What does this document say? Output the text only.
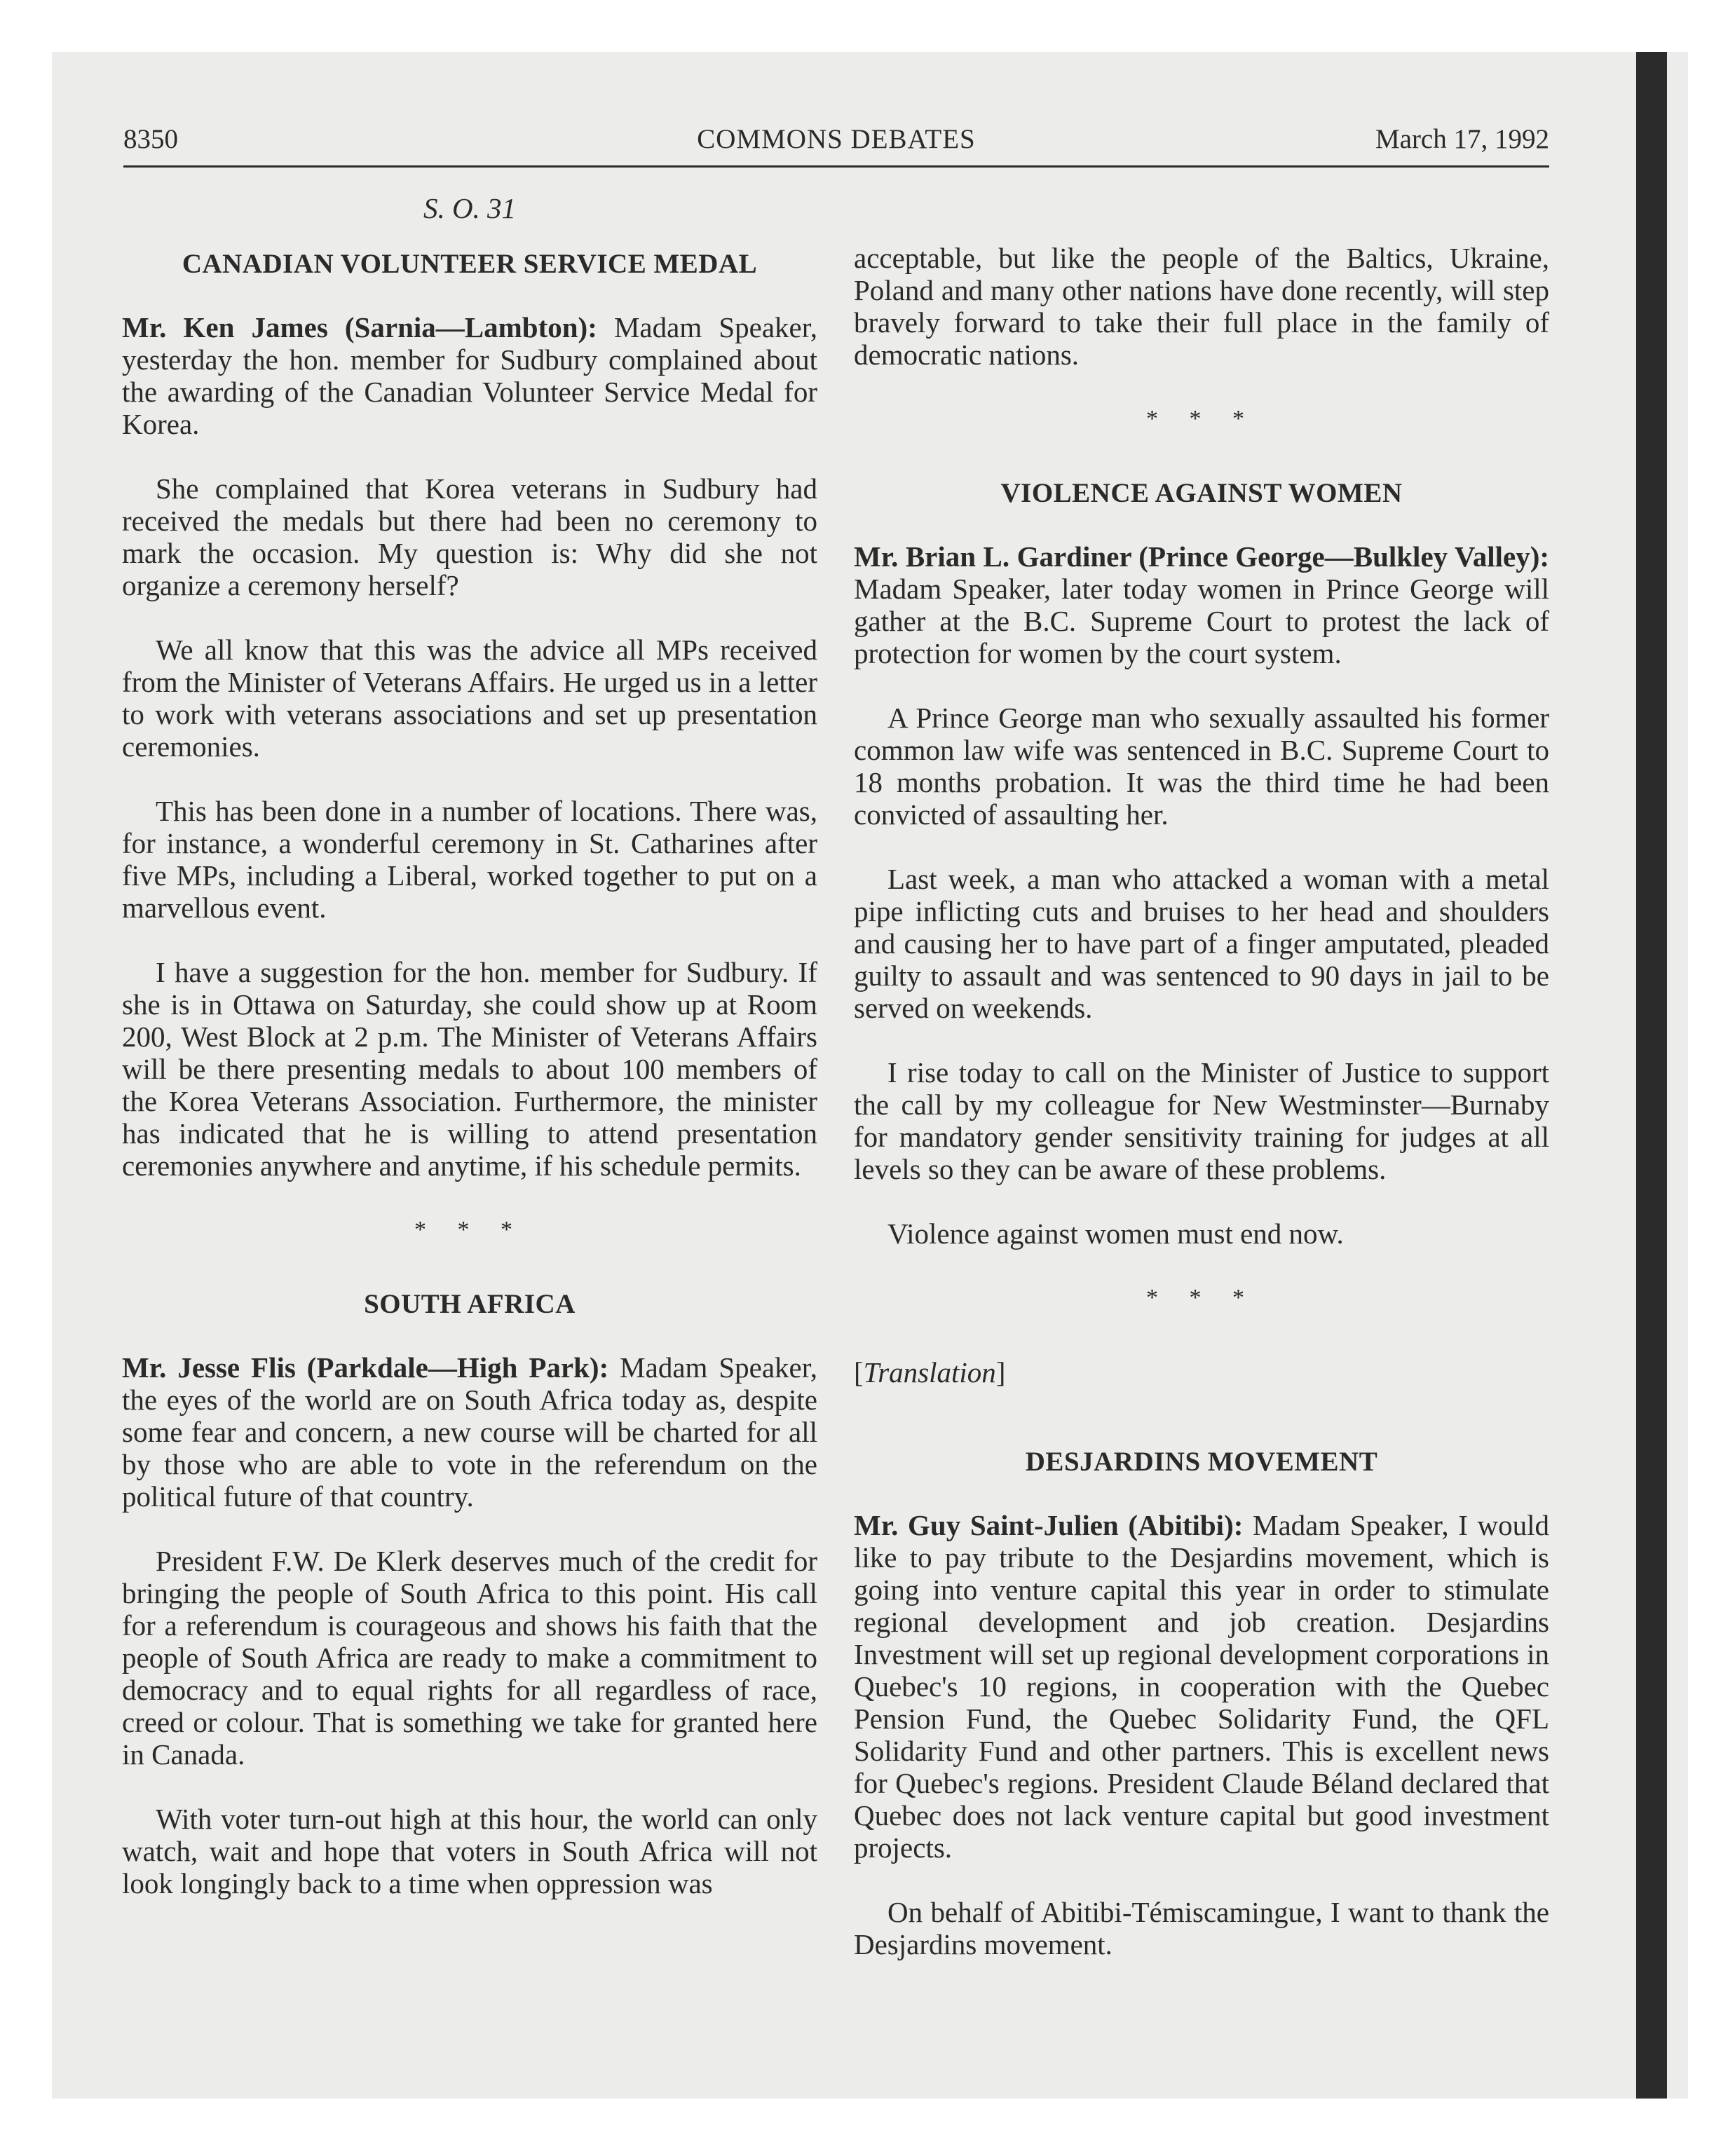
8350	COMMONS DEBATES	March 17, 1992
S. O. 31
CANADIAN VOLUNTEER SERVICE MEDAL

Mr. Ken James (Sarnia—Lambton): Madam Speaker, yesterday the hon. member for Sudbury complained about the awarding of the Canadian Volunteer Service Medal for Korea.

She complained that Korea veterans in Sudbury had received the medals but there had been no ceremony to mark the occasion. My question is: Why did she not organize a ceremony herself?

We all know that this was the advice all MPs received from the Minister of Veterans Affairs. He urged us in a letter to work with veterans associations and set up presentation ceremonies.

This has been done in a number of locations. There was, for instance, a wonderful ceremony in St. Catharines after five MPs, including a Liberal, worked together to put on a marvellous event.

I have a suggestion for the hon. member for Sudbury. If she is in Ottawa on Saturday, she could show up at Room 200, West Block at 2 p.m. The Minister of Veterans Affairs will be there presenting medals to about 100 members of the Korea Veterans Association. Furthermore, the minister has indicated that he is willing to attend presentation ceremonies anywhere and anytime, if his schedule permits.

* * *
SOUTH AFRICA

Mr. Jesse Flis (Parkdale—High Park): Madam Speaker, the eyes of the world are on South Africa today as, despite some fear and concern, a new course will be charted for all by those who are able to vote in the referendum on the political future of that country.

President F.W. De Klerk deserves much of the credit for bringing the people of South Africa to this point. His call for a referendum is courageous and shows his faith that the people of South Africa are ready to make a commitment to democracy and to equal rights for all regardless of race, creed or colour. That is something we take for granted here in Canada.

With voter turn-out high at this hour, the world can only watch, wait and hope that voters in South Africa will not look longingly back to a time when oppression was

acceptable, but like the people of the Baltics, Ukraine, Poland and many other nations have done recently, will step bravely forward to take their full place in the family of democratic nations.

* * *
VIOLENCE AGAINST WOMEN

Mr. Brian L. Gardiner (Prince George—Bulkley Valley): Madam Speaker, later today women in Prince George will gather at the B.C. Supreme Court to protest the lack of protection for women by the court system.

A Prince George man who sexually assaulted his former common law wife was sentenced in B.C. Supreme Court to 18 months probation. It was the third time he had been convicted of assaulting her.

Last week, a man who attacked a woman with a metal pipe inflicting cuts and bruises to her head and shoulders and causing her to have part of a finger amputated, pleaded guilty to assault and was sentenced to 90 days in jail to be served on weekends.

I rise today to call on the Minister of Justice to support the call by my colleague for New Westminster—Burnaby for mandatory gender sensitivity training for judges at all levels so they can be aware of these problems.

Violence against women must end now.

* * *
[Translation]
DESJARDINS MOVEMENT

Mr. Guy Saint-Julien (Abitibi): Madam Speaker, I would like to pay tribute to the Desjardins movement, which is going into venture capital this year in order to stimulate regional development and job creation. Desjardins Investment will set up regional development corporations in Quebec's 10 regions, in cooperation with the Quebec Pension Fund, the Quebec Solidarity Fund, the QFL Solidarity Fund and other partners. This is excellent news for Quebec's regions. President Claude Béland declared that Quebec does not lack venture capital but good investment projects.

On behalf of Abitibi-Témiscamingue, I want to thank the Desjardins movement.
